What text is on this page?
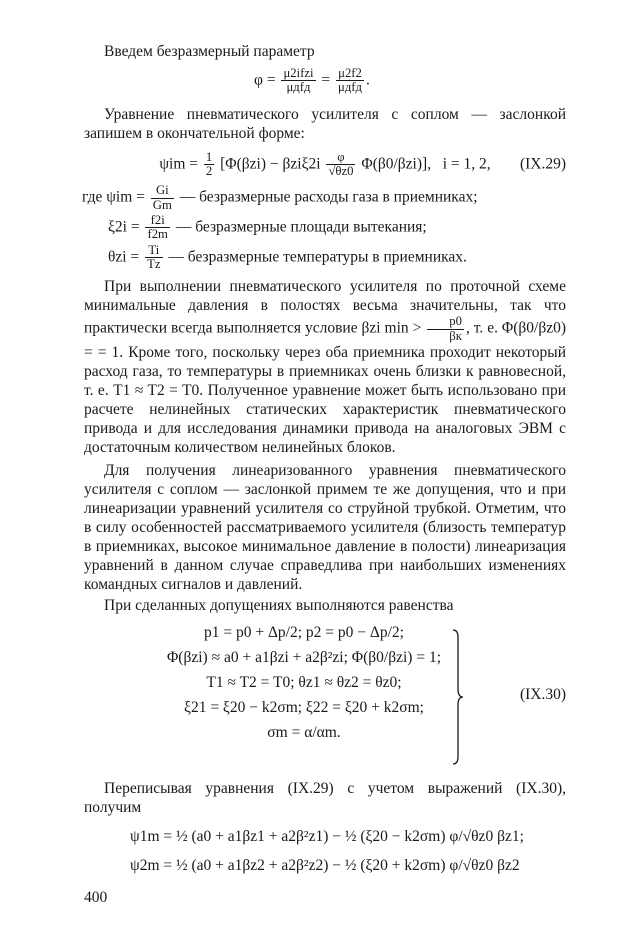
Введем безразмерный параметр

$\varphi = \frac{\text{μ2ifzi}}{\text{μдfд}} = \frac{\mu 2f2}{\text{μдfд}}$ .

Уравнение пневматического усилителя с соплом — заслонкой запишем в окончательной форме:

$\psi im = \frac{1}{2} [\Phi(\beta zi) - \beta zi\xi 2i \frac{\varphi}{√\theta z0} \Phi(\beta 0/\beta zi)]$, i = 1, 2, (IX.29)
где $\psi im = \frac{Gi}{Gm}$ — безразмерные расходы газа в приемниках;
$\xi 2i = \frac{f2i}{f2m}$ — безразмерные площади вытекания;
$\theta zi = \frac{Ti}{Tz}$ — безразмерные температуры в приемниках.

При выполнении пневматического усилителя по проточной схеме минимальные давления в полостях весьма значительны, так что практически всегда выполняется условие βzi $\min > \frac{p0}{\beta к}$ , т. е. Φ(β0/βz0) = = 1. Кроме того, поскольку через оба приемника проходит некоторый расход газа, то температуры в приемниках очень близки к равновесной, т. е. T1 ≈ T2 = T0. Полученное уравнение может быть использовано при расчете нелинейных статических характеристик пневматического привода и для исследования динамики привода на аналоговых ЭВМ с достаточным количеством нелинейных блоков.

Для получения линеаризованного уравнения пневматического усилителя с соплом — заслонкой примем те же допущения, что и при линеаризации уравнений усилителя со струйной трубкой. Отметим, что в силу особенностей рассматриваемого усилителя (близость температур в приемниках, высокое минимальное давление в полости) линеаризация уравнений в данном случае справедлива при наибольших изменениях командных сигналов и давлений.

При сделанных допущениях выполняются равенства

p1 = p0 + Δp/2; p2 = p0 − Δp/2;
Φ(βzi) ≈ a0 + a1βzi + a2β²zi; Φ(β0/βzi) = 1;
T1 ≈ T2 = T0; θz1 ≈ θz2 = θz0;
ξ21 = ξ20 − k2σm; ξ22 = ξ20 + k2σm;
σm = α/αm.
(IX.30)

Переписывая уравнения (IX.29) с учетом выражений (IX.30), получим

ψ1m = ½ (a0 + a1βz1 + a2β²z1) − ½ (ξ20 − k2σm) φ/√θz0 βz1;
ψ2m = ½ (a0 + a1βz2 + a2β²z2) − ½ (ξ20 + k2σm) φ/√θz0 βz2
400
